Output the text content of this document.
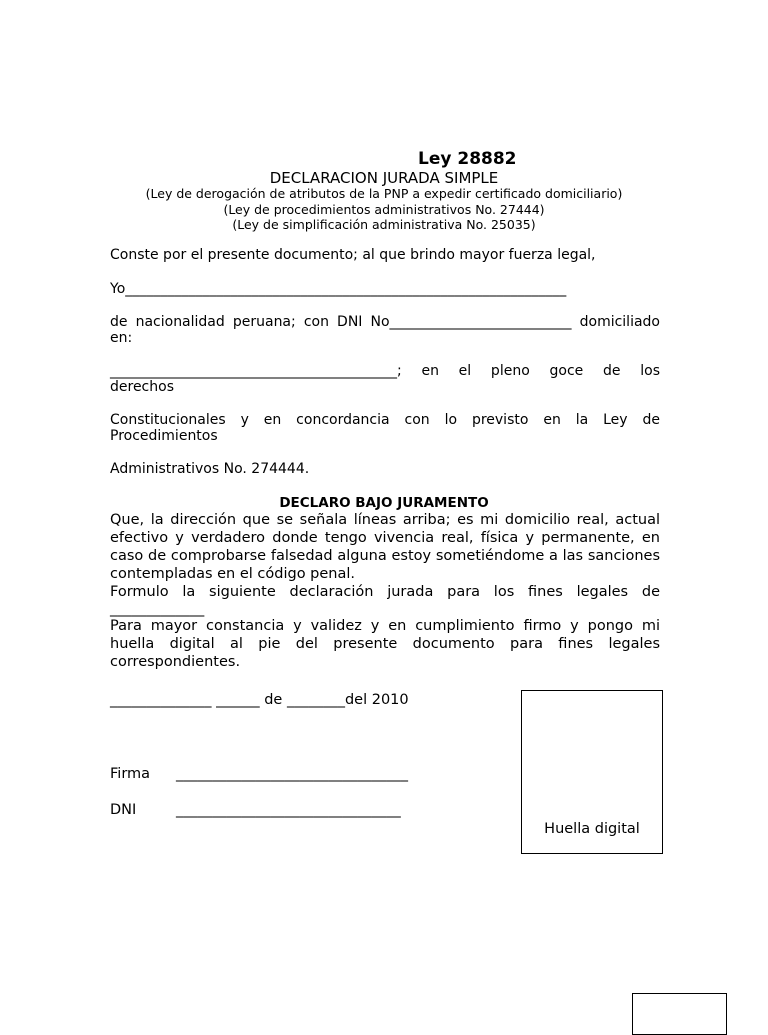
Ley 28882
DECLARACION JURADA SIMPLE
(Ley de derogación de atributos de la PNP a expedir certificado domiciliario)
(Ley de procedimientos administrativos No. 27444)
(Ley de simplificación administrativa No. 25035)
Conste por el presente documento; al que brindo mayor fuerza legal,
Yo_______________________________________________________________
de nacionalidad peruana; con DNI No__________________________ domiciliado
en:
_________________________________________; en el pleno goce de los
derechos
Constitucionales y en concordancia con lo previsto en la Ley de
Procedimientos
Administrativos No. 274444.
DECLARO BAJO JURAMENTO

Que, la dirección que se señala líneas arriba; es mi domicilio real, actual efectivo y verdadero donde tengo vivencia real, física y permanente, en caso de comprobarse falsedad alguna estoy sometiéndome a las sanciones contempladas en el código penal.

Formulo la siguiente declaración jurada para los fines legales de

_____________

Para mayor constancia y validez y en cumplimiento firmo y pongo mi huella digital al pie del presente documento para fines legales correspondientes.

______________ ______ de ________del 2010
Firma	________________________________
DNI	_______________________________
Huella digital
